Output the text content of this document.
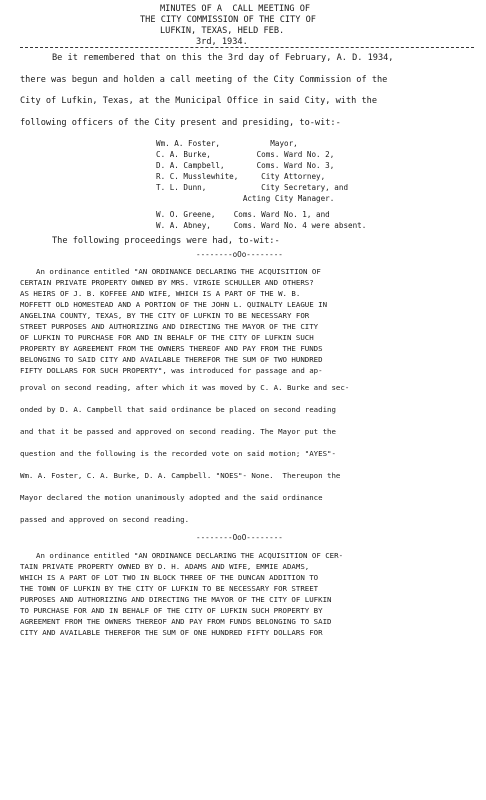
MINUTES OF A  CALL MEETING OF
THE CITY COMMISSION OF THE CITY OF
LUFKIN, TEXAS, HELD FEB.
3rd, 1934.
Be it remembered that on this the 3rd day of February, A. D. 1934,
there was begun and holden a call meeting of the City Commission of the
City of Lufkin, Texas, at the Municipal Office in said City, with the
following officers of the City present and presiding, to-wit:-
Wm. A. Foster,           Mayor,
C. A. Burke,          Coms. Ward No. 2,
D. A. Campbell,       Coms. Ward No. 3,
R. C. Musslewhite,     City Attorney,
T. L. Dunn,            City Secretary, and
Acting City Manager.
W. O. Greene,    Coms. Ward No. 1, and
W. A. Abney,     Coms. Ward No. 4 were absent.
The following proceedings were had, to-wit:-
--------oOo--------
An ordinance entitled "AN ORDINANCE DECLARING THE ACQUISITION OF
CERTAIN PRIVATE PROPERTY OWNED BY MRS. VIRGIE SCHULLER AND OTHERS?
AS HEIRS OF J. B. KOFFEE AND WIFE, WHICH IS A PART OF THE W. B.
MOFFETT OLD HOMESTEAD AND A PORTION OF THE JOHN L. QUINALTY LEAGUE IN
ANGELINA COUNTY, TEXAS, BY THE CITY OF LUFKIN TO BE NECESSARY FOR
STREET PURPOSES AND AUTHORIZING AND DIRECTING THE MAYOR OF THE CITY
OF LUFKIN TO PURCHASE FOR AND IN BEHALF OF THE CITY OF LUFKIN SUCH
PROPERTY BY AGREEMENT FROM THE OWNERS THEREOF AND PAY FROM THE FUNDS
BELONGING TO SAID CITY AND AVAILABLE THEREFOR THE SUM OF TWO HUNDRED
FIFTY DOLLARS FOR SUCH PROPERTY", was introduced for passage and ap-
proval on second reading, after which it was moved by C. A. Burke and sec-
onded by D. A. Campbell that said ordinance be placed on second reading
and that it be passed and approved on second reading. The Mayor put the
question and the following is the recorded vote on said motion; "AYES"-
Wm. A. Foster, C. A. Burke, D. A. Campbell. "NOES"- None.  Thereupon the
Mayor declared the motion unanimously adopted and the said ordinance
passed and approved on second reading.
--------OoO--------
An ordinance entitled "AN ORDINANCE DECLARING THE ACQUISITION OF CER-
TAIN PRIVATE PROPERTY OWNED BY D. H. ADAMS AND WIFE, EMMIE ADAMS,
WHICH IS A PART OF LOT TWO IN BLOCK THREE OF THE DUNCAN ADDITION TO
THE TOWN OF LUFKIN BY THE CITY OF LUFKIN TO BE NECESSARY FOR STREET
PURPOSES AND AUTHORIZING AND DIRECTING THE MAYOR OF THE CITY OF LUFKIN
TO PURCHASE FOR AND IN BEHALF OF THE CITY OF LUFKIN SUCH PROPERTY BY
AGREEMENT FROM THE OWNERS THEREOF AND PAY FROM FUNDS BELONGING TO SAID
CITY AND AVAILABLE THEREFOR THE SUM OF ONE HUNDRED FIFTY DOLLARS FOR
